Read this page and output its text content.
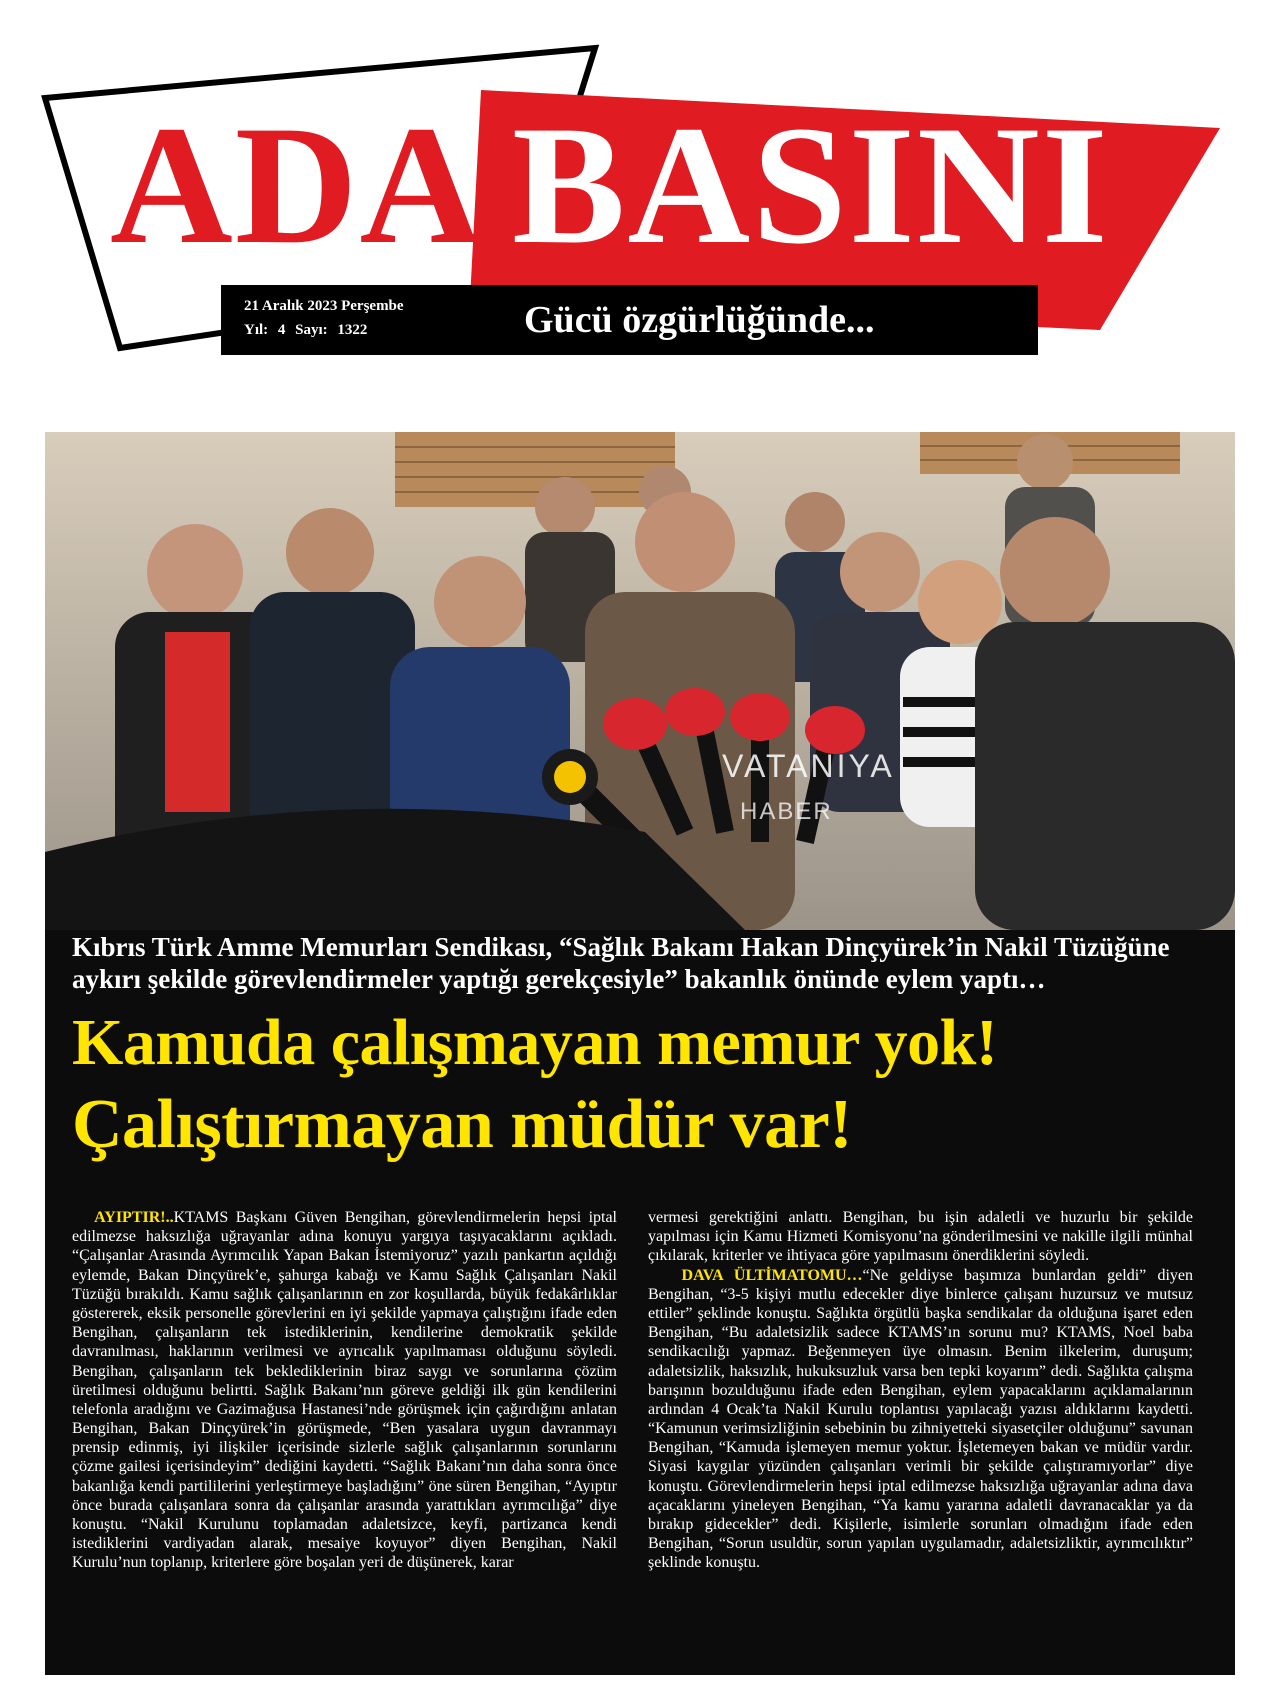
ADA BASINI
21 Aralık 2023 Perşembe
Yıl: 4 Sayı: 1322	Gücü özgürlüğünde...
VATANIYA
HABER
Kıbrıs Türk Amme Memurları Sendikası, “Sağlık Bakanı Hakan Dinçyürek’in Nakil Tüzüğüne aykırı şekilde görevlendirmeler yaptığı gerekçesiyle” bakanlık önünde eylem yaptı…
Kamuda çalışmayan memur yok!
Çalıştırmayan müdür var!

AYIPTIR!..KTAMS Başkanı Güven Bengihan, görevlendirmelerin hepsi iptal edilmezse haksızlığa uğrayanlar adına konuyu yargıya taşıyacaklarını açıkladı. “Çalışanlar Arasında Ayrımcılık Yapan Bakan İstemiyoruz” yazılı pankartın açıldığı eylemde, Bakan Dinçyürek’e, şahurga kabağı ve Kamu Sağlık Çalışanları Nakil Tüzüğü bırakıldı. Kamu sağlık çalışanlarının en zor koşullarda, büyük fedakârlıklar göstererek, eksik personelle görevlerini en iyi şekilde yapmaya çalıştığını ifade eden Bengihan, çalışanların tek istediklerinin, kendilerine demokratik şekilde davranılması, haklarının verilmesi ve ayrıcalık yapılmaması olduğunu söyledi. Bengihan, çalışanların tek beklediklerinin biraz saygı ve sorunlarına çözüm üretilmesi olduğunu belirtti. Sağlık Bakanı’nın göreve geldiği ilk gün kendilerini telefonla aradığını ve Gazimağusa Hastanesi’nde görüşmek için çağırdığını anlatan Bengihan, Bakan Dinçyürek’in görüşmede, “Ben yasalara uygun davranmayı prensip edinmiş, iyi ilişkiler içerisinde sizlerle sağlık çalışanlarının sorunlarını çözme gailesi içerisindeyim” dediğini kaydetti. “Sağlık Bakanı’nın daha sonra önce bakanlığa kendi partililerini yerleştirmeye başladığını” öne süren Bengihan, “Ayıptır önce burada çalışanlara sonra da çalışanlar arasında yarattıkları ayrımcılığa” diye konuştu. “Nakil Kurulunu toplamadan adaletsizce, keyfi, partizanca kendi istediklerini vardiyadan alarak, mesaiye koyuyor” diyen Bengihan, Nakil Kurulu’nun toplanıp, kriterlere göre boşalan yeri de düşünerek, karar

vermesi gerektiğini anlattı. Bengihan, bu işin adaletli ve huzurlu bir şekilde yapılması için Kamu Hizmeti Komisyonu’na gönderilmesini ve nakille ilgili münhal çıkılarak, kriterler ve ihtiyaca göre yapılmasını önerdiklerini söyledi.

DAVA ÜLTİMATOMU…“Ne geldiyse başımıza bunlardan geldi” diyen Bengihan, “3-5 kişiyi mutlu edecekler diye binlerce çalışanı huzursuz ve mutsuz ettiler” şeklinde konuştu. Sağlıkta örgütlü başka sendikalar da olduğuna işaret eden Bengihan, “Bu adaletsizlik sadece KTAMS’ın sorunu mu? KTAMS, Noel baba sendikacılığı yapmaz. Beğenmeyen üye olmasın. Benim ilkelerim, duruşum; adaletsizlik, haksızlık, hukuksuzluk varsa ben tepki koyarım” dedi. Sağlıkta çalışma barışının bozulduğunu ifade eden Bengihan, eylem yapacaklarını açıklamalarının ardından 4 Ocak’ta Nakil Kurulu toplantısı yapılacağı yazısı aldıklarını kaydetti. “Kamunun verimsizliğinin sebebinin bu zihniyetteki siyasetçiler olduğunu” savunan Bengihan, “Kamuda işlemeyen memur yoktur. İşletemeyen bakan ve müdür vardır. Siyasi kaygılar yüzünden çalışanları verimli bir şekilde çalıştıramıyorlar” diye konuştu. Görevlendirmelerin hepsi iptal edilmezse haksızlığa uğrayanlar adına dava açacaklarını yineleyen Bengihan, “Ya kamu yararına adaletli davranacaklar ya da bırakıp gidecekler” dedi. Kişilerle, isimlerle sorunları olmadığını ifade eden Bengihan, “Sorun usuldür, sorun yapılan uygulamadır, adaletsizliktir, ayrımcılıktır” şeklinde konuştu.
